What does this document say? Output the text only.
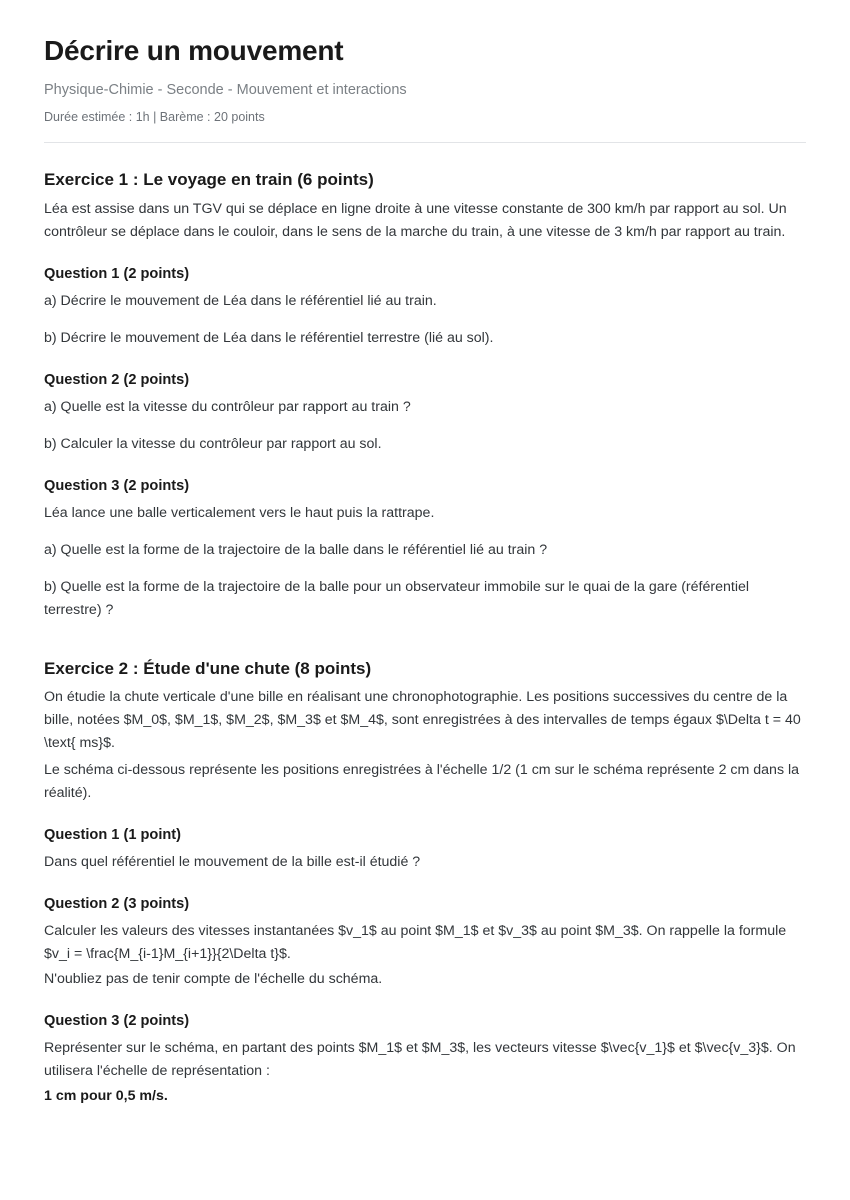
Décrire un mouvement

Physique-Chimie - Seconde - Mouvement et interactions

Durée estimée : 1h | Barème : 20 points

Exercice 1 : Le voyage en train (6 points)

Léa est assise dans un TGV qui se déplace en ligne droite à une vitesse constante de 300 km/h par rapport au sol. Un contrôleur se déplace dans le couloir, dans le sens de la marche du train, à une vitesse de 3 km/h par rapport au train.

Question 1 (2 points)

a) Décrire le mouvement de Léa dans le référentiel lié au train.

b) Décrire le mouvement de Léa dans le référentiel terrestre (lié au sol).

Question 2 (2 points)

a) Quelle est la vitesse du contrôleur par rapport au train ?

b) Calculer la vitesse du contrôleur par rapport au sol.

Question 3 (2 points)

Léa lance une balle verticalement vers le haut puis la rattrape.

a) Quelle est la forme de la trajectoire de la balle dans le référentiel lié au train ?

b) Quelle est la forme de la trajectoire de la balle pour un observateur immobile sur le quai de la gare (référentiel terrestre) ?

Exercice 2 : Étude d'une chute (8 points)

On étudie la chute verticale d'une bille en réalisant une chronophotographie. Les positions successives du centre de la bille, notées $M_0$, $M_1$, $M_2$, $M_3$ et $M_4$, sont enregistrées à des intervalles de temps égaux $\Delta t = 40 \text{ ms}$.

Le schéma ci-dessous représente les positions enregistrées à l'échelle 1/2 (1 cm sur le schéma représente 2 cm dans la réalité).

Question 1 (1 point)

Dans quel référentiel le mouvement de la bille est-il étudié ?

Question 2 (3 points)

Calculer les valeurs des vitesses instantanées $v_1$ au point $M_1$ et $v_3$ au point $M_3$. On rappelle la formule $v_i = \frac{M_{i-1}M_{i+1}}{2\Delta t}$.

N'oubliez pas de tenir compte de l'échelle du schéma.

Question 3 (2 points)

Représenter sur le schéma, en partant des points $M_1$ et $M_3$, les vecteurs vitesse $\vec{v_1}$ et $\vec{v_3}$. On utilisera l'échelle de représentation :

1 cm pour 0,5 m/s.
